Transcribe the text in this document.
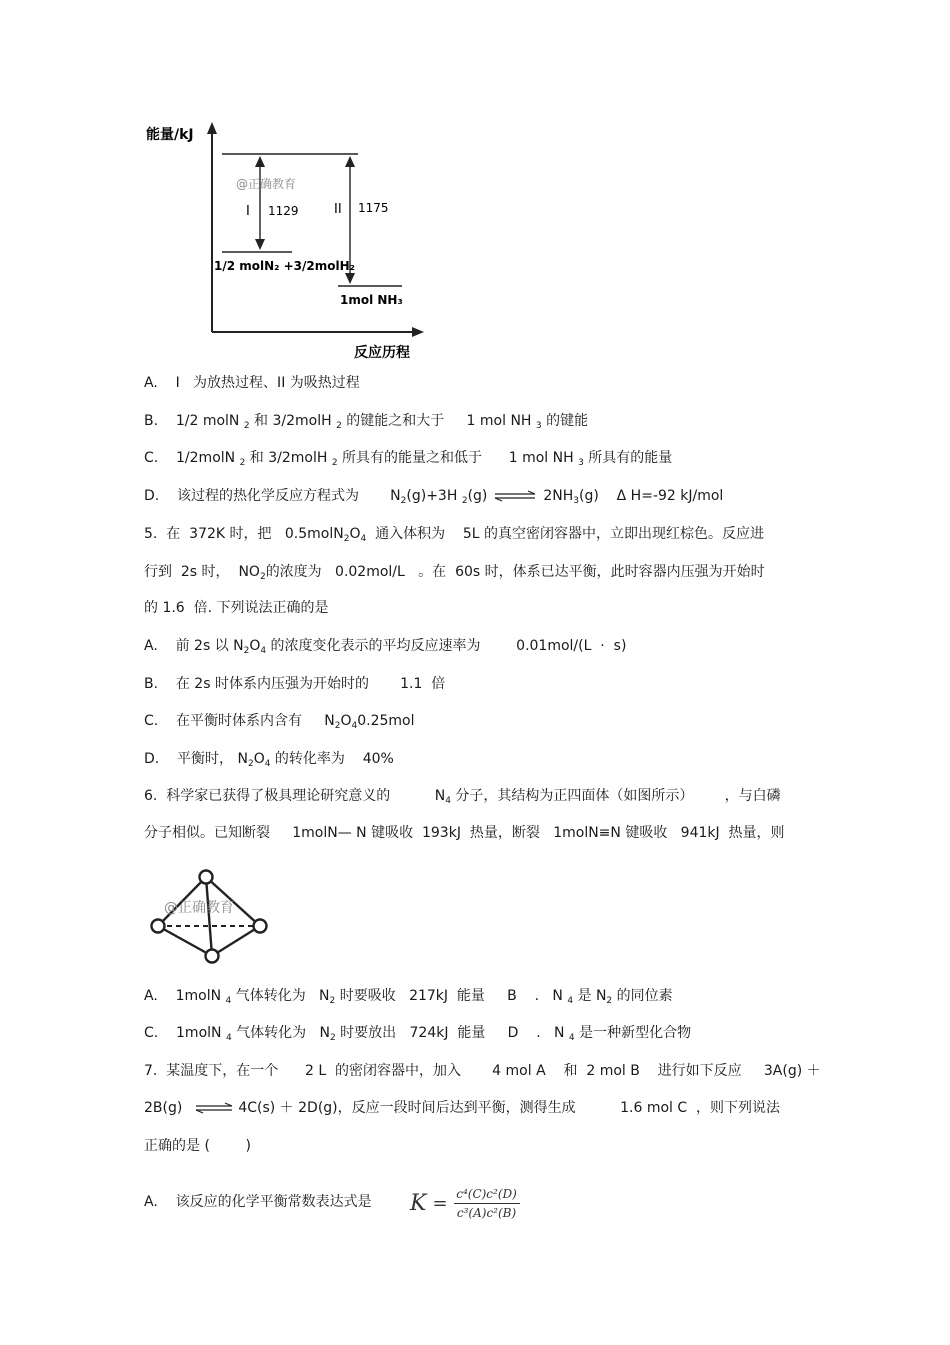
能量/kJ
反应历程
I 1129	II 1175
@正确教育
1/2 molN₂ +3/2molH₂
1mol NH₃
A.    I   为放热过程、II 为吸热过程
B.    1/2 molN $_2$ 和 3/2molH $_2$ 的键能之和大于     1 mol NH $_3$ 的键能
C.    1/2molN $_2$ 和 3/2molH $_2$ 所具有的能量之和低于      1 mol NH $_3$ 所具有的能量
D.    该过程的热化学反应方程式为       $N_2(g)+3H$ $_2$(g) ⇌ $2NH_3(g)$    Δ H=-92 kJ/mol
5.  在  372K 时，把   $0.5molN_2O_4$  通入体积为    5L 的真空密闭容器中，立即出现红棕色。反应进
行到  2s 时，  $NO_2$的浓度为   0.02mol/L   。在  60s 时，体系已达平衡，此时容器内压强为开始时
的 1.6  倍. 下列说法正确的是
A.    前 2s 以 $N_2O_4$ 的浓度变化表示的平均反应速率为        0.01mol/(L  ·  s)
B.    在 2s 时体系内压强为开始时的       1.1  倍
C.    在平衡时体系内含有     $N_2O_40.25mol$
D.    平衡时， $N_2O_4$ 的转化率为    40%
6.  科学家已获得了极具理论研究意义的          $N_4$ 分子，其结构为正四面体（如图所示）       ，与白磷
分子相似。已知断裂     1molN— N 键吸收  193kJ  热量，断裂   1molN≡N 键吸收   941kJ  热量，则
@正确教育
A.    1molN $_4$ 气体转化为   $N_2$ 时要吸收   217kJ  能量     B    .   N $_4$ 是 $N_2$ 的同位素
C.    1molN $_4$ 气体转化为   $N_2$ 时要放出   724kJ  能量     D    .   N $_4$ 是一种新型化合物
7.  某温度下，在一个      2 L  的密闭容器中，加入       4 mol A    和  2 mol B    进行如下反应     3A(g) ＋
2B(g) ⇌ 4C(s) ＋ 2D(g)，反应一段时间后达到平衡，测得生成          1.6 mol C  ，则下列说法
正确的是 (        )
A.    该反应的化学平衡常数表达式是 K = c⁴(C)c²(D)
c³(A)c²(B)
